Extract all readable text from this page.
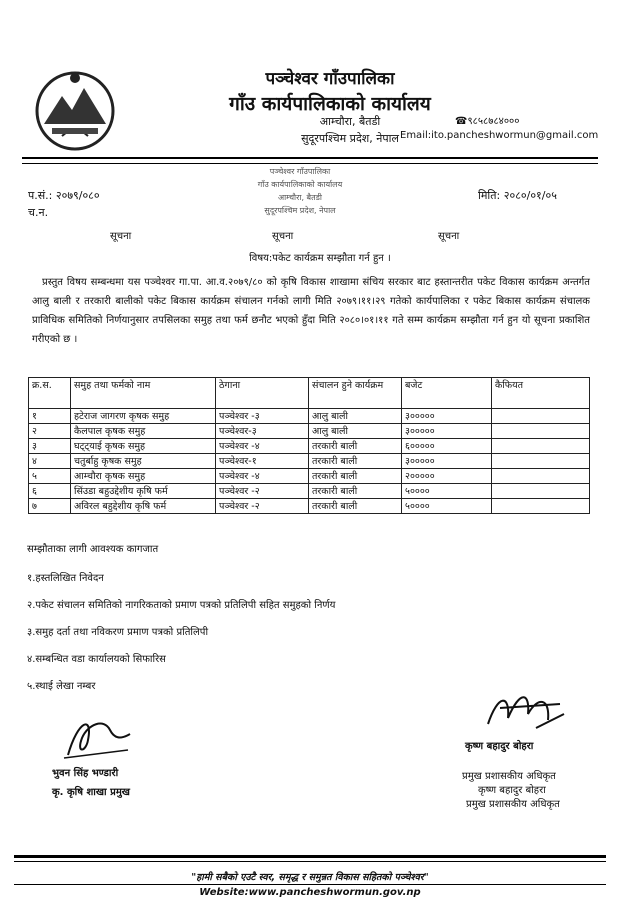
पञ्चेश्वर गाँउपालिका
गाँउ कार्यपालिकाको कार्यालय
आम्चौरा, बैतडी
सुदूरपश्चिम प्रदेश, नेपाल
☎९८५८७८४०००
Email:ito.pancheshwormun@gmail.com
प.सं.: २०७९/०८०
च.न.
मिति: २०८०/०१/०५
पञ्चेश्वर गाँउपालिका
गाँउ कार्यपालिकाको कार्यालय
आम्चौरा, बैतडी
सुदूरपश्चिम प्रदेश, नेपाल
सूचना	सूचना	सूचना
विषय:पकेट कार्यक्रम सम्झौता गर्न हुन ।
प्रस्तुत विषय सम्बन्धमा यस पञ्चेश्वर गा.पा. आ.व.२०७९/८० को कृषि विकास शाखामा संचिय सरकार बाट हस्तान्तरीत पकेट विकास कार्यक्रम अन्तर्गत आलु बाली र तरकारी बालीको पकेट बिकास कार्यक्रम संचालन गर्नको लागी मिति २०७९।११।२९ गतेको कार्यपालिका र पकेट बिकास कार्यक्रम संचालक प्राविधिक समितिको निर्णयानुसार तपसिलका समुह तथा फर्म छनौट भएको हुँदा मिति २०८०।०१।११ गते सम्म कार्यक्रम सम्झौता गर्न हुन यो सूचना प्रकाशित गरीएको छ ।
क्र.स.	समुह तथा फर्मको नाम	ठेगाना	संचालन हुने कार्यक्रम	बजेट	कैफियत
१	हटेराज जागरण कृषक समुह	पञ्चेश्वर -३	आलु बाली	३०००००	
२	कैलपाल कृषक समुह	पञ्चेश्वर-३	आलु बाली	३०००००	
३	घट्ट्याई कृषक समुह	पञ्चेश्वर -४	तरकारी बाली	६०००००	
४	चतुर्बाहु कृषक समुह	पञ्चेश्वर-१	तरकारी बाली	३०००००	
५	आम्चौरा कृषक समुह	पञ्चेश्वर -४	तरकारी बाली	२०००००	
६	सिंउडा बहुउद्देशीय कृषि फर्म	पञ्चेश्वर -२	तरकारी बाली	५००००	
७	अविरल बहुद्देशीय कृषि फर्म	पञ्चेश्वर -२	तरकारी बाली	५००००	
सम्झौताका लागी आवश्यक कागजात
१.हस्तलिखित निवेदन
२.पकेट संचालन समितिको नागरिकताको प्रमाण पत्रको प्रतिलिपी सहित समुहको निर्णय
३.समुह दर्ता तथा नविकरण प्रमाण पत्रको प्रतिलिपी
४.सम्बन्धित वडा कार्यालयको सिफारिस
५.स्थाई लेखा नम्बर
भुवन सिंह भण्डारी
कृ. कृषि शाखा प्रमुख
कृष्ण बहादुर बोहरा
प्रमुख प्रशासकीय अधिकृत
कृष्ण बहादुर बोहरा
प्रमुख प्रशासकीय अधिकृत
"हामी सबैको एउटै स्वर, समृद्ध र समुन्नत विकास सहितको पञ्चेश्वर"
Website:www.pancheshwormun.gov.np
